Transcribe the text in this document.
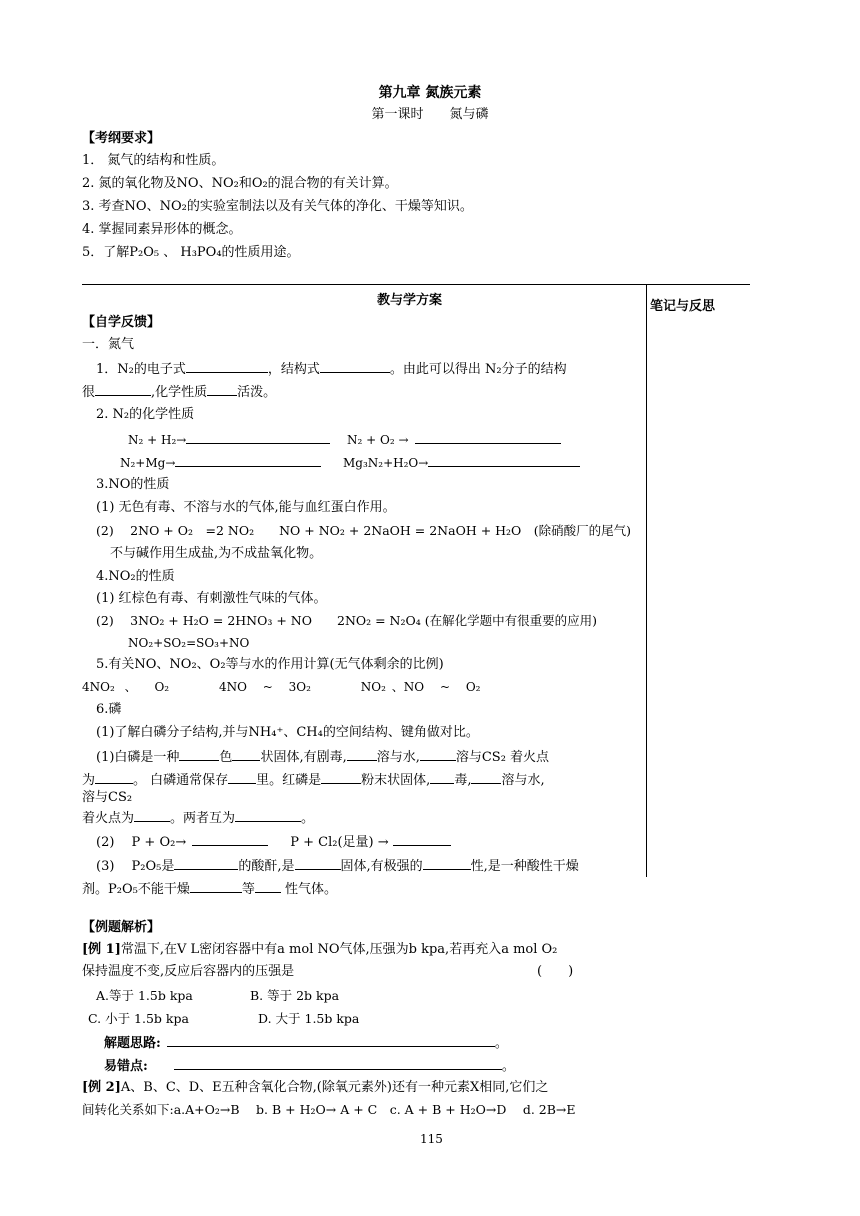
第九章 氮族元素
第一课时　　氮与磷
【考纲要求】
1． 氮气的结构和性质。
2. 氮的氧化物及NO、NO₂和O₂的混合物的有关计算。
3. 考查NO、NO₂的实验室制法以及有关气体的净化、干燥等知识。
4. 掌握同素异形体的概念。
5．了解P₂O₅ 、 H₃PO₄的性质用途。
教与学方案	笔记与反思
【自学反馈】
一．氮气
1．N₂的电子式	，结构式	。由此可以得出 N₂分子的结构
很	,化学性质 活泼。
2. N₂的化学性质
N₂ + H₂→	N₂ + O₂ →
N₂+Mg→	Mg₃N₂+H₂O→
3.NO的性质
(1) 无色有毒、不溶与水的气体,能与血红蛋白作用。
(2)　 2NO + O₂　=2 NO₂　　NO + NO₂ + 2NaOH = 2NaOH + H₂O　(除硝酸厂的尾气)
不与碱作用生成盐,为不成盐氧化物。
4.NO₂的性质
(1) 红棕色有毒、有刺激性气味的气体。
(2)　 3NO₂ + H₂O = 2HNO₃ + NO　　2NO₂ = N₂O₄ (在解化学题中有很重要的应用)
NO₂+SO₂=SO₃+NO
5.有关NO、NO₂、O₂等与水的作用计算(无气体剩余的比例)
4NO₂ 、 O₂	4NO ~ 3O₂	NO₂ 、NO ~ O₂
6.磷
(1)了解白磷分子结构,并与NH₄⁺、CH₄的空间结构、键角做对比。
(1)白磷是一种	色 状固体,有剧毒, 溶与水,	溶与CS₂ 着火点
为	。 白磷通常保存 里。红磷是	粉末状固体, 毒, 溶与水,
溶与CS₂
着火点为	。两者互为	。
(2)　 P + O₂→	P + Cl₂(足量) →
(3)　 P₂O₅是	的酸酐,是	固体,有极强的	性,是一种酸性干燥
剂。P₂O₅不能干燥	等 性气体。
【例题解析】
[例 1]常温下,在V L密闭容器中有a mol NO气体,压强为b kpa,若再充入a mol O₂
保持温度不变,反应后容器内的压强是	(　　)
A.等于 1.5b kpa	B. 等于 2b kpa
C. 小于 1.5b kpa	D. 大于 1.5b kpa
解题思路:	。
易错点:	。
[例 2]A、B、C、D、E五种含氧化合物,(除氧元素外)还有一种元素X相同,它们之
间转化关系如下:a.A+O₂→B　 b. B + H₂O→ A + C　c. A + B + H₂O→D　 d. 2B→E
115
